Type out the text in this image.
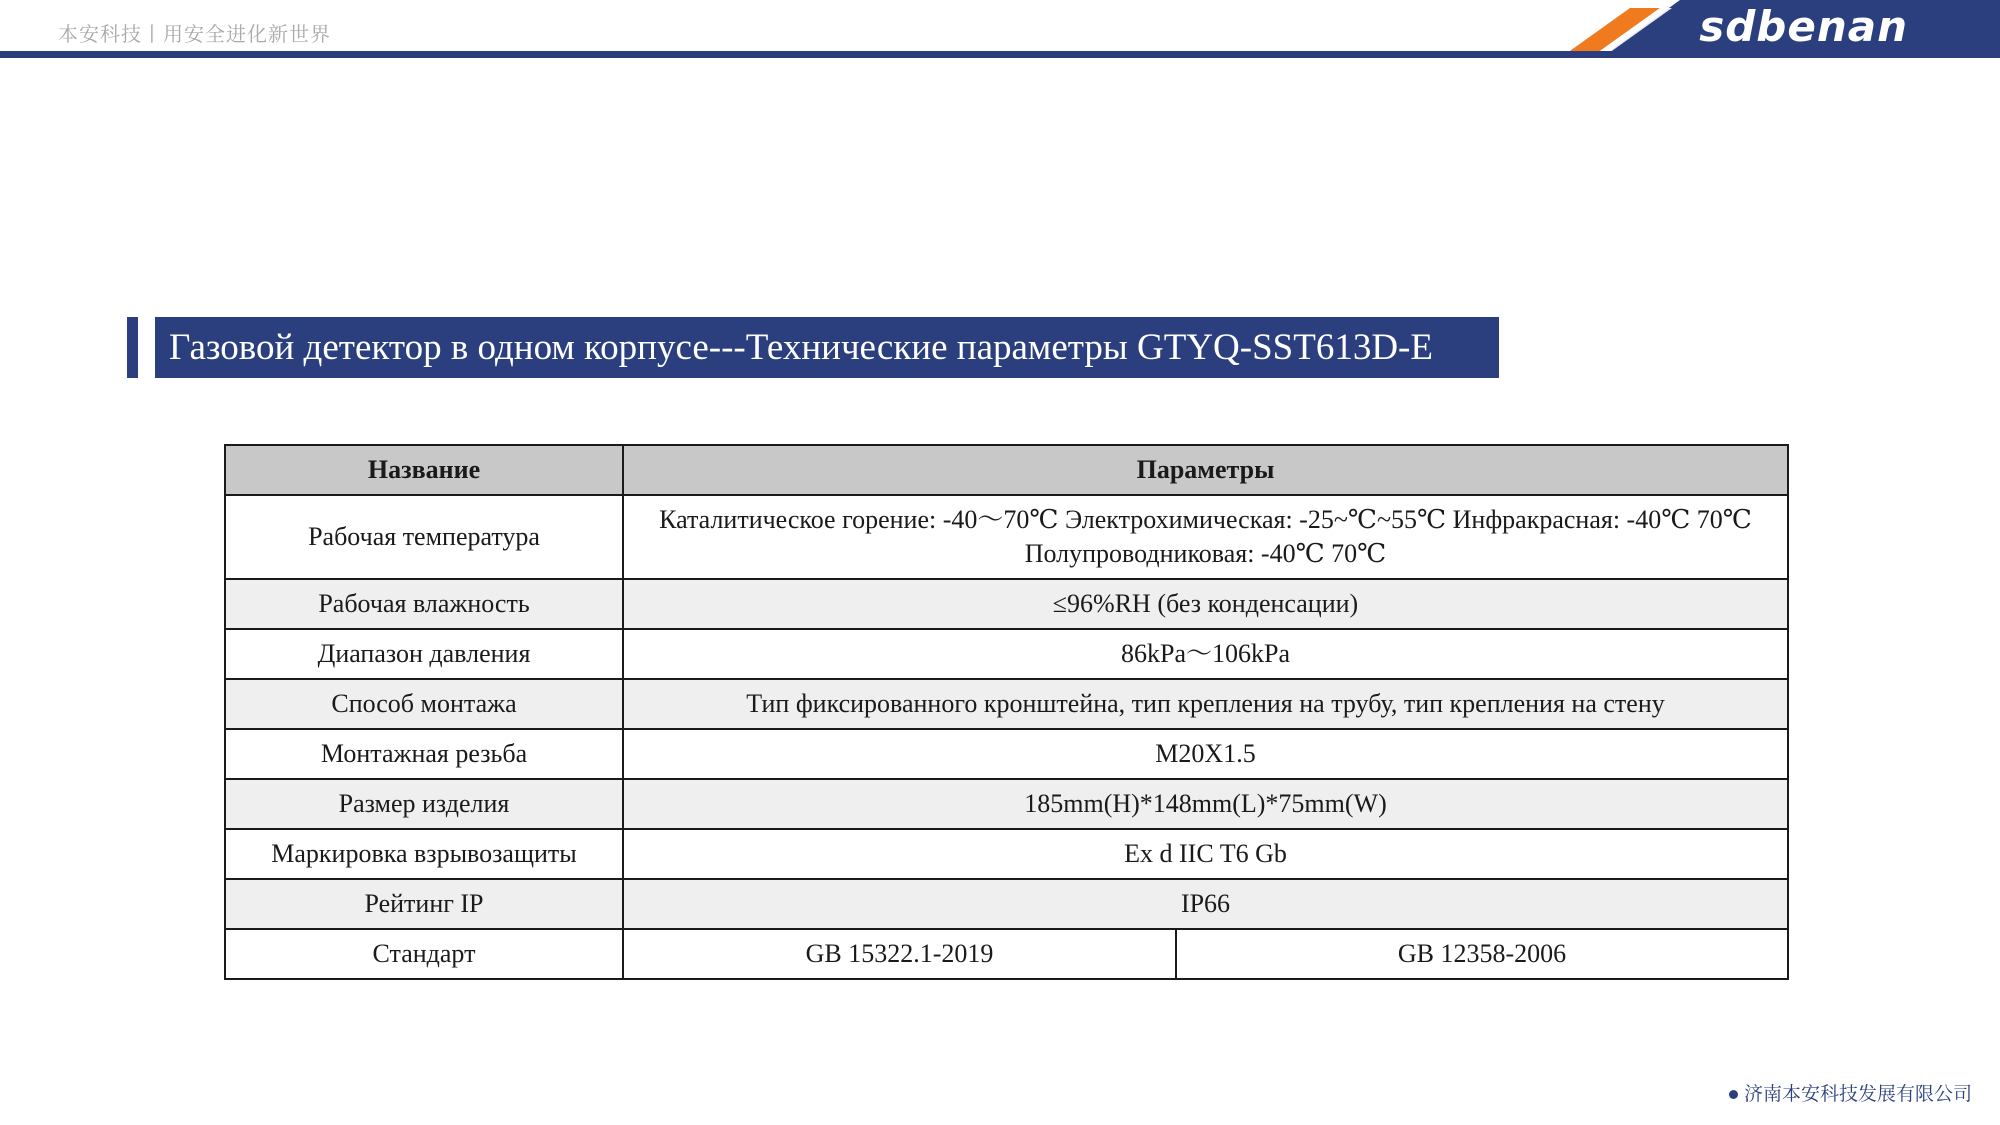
本安科技丨用安全进化新世界	sdbenan
Газовой детектор в одном корпусе---Технические параметры GTYQ-SST613D-E
Название	Параметры	
Рабочая температура	Каталитическое горение: -40〜70℃ Электрохимическая: -25~℃~55℃ Инфракрасная: -40℃ 70℃ Полупроводниковая: -40℃ 70℃	
Рабочая влажность	≤96%RH (без конденсации)	
Диапазон давления	86kPa〜106kPa	
Способ монтажа	Тип фиксированного кронштейна, тип крепления на трубу, тип крепления на стену	
Монтажная резьба	M20X1.5	
Размер изделия	185mm(H)*148mm(L)*75mm(W)	
Маркировка взрывозащиты	Ex d IIC T6 Gb	
Рейтинг IP	IP66	
Стандарт	GB 15322.1-2019	GB 12358-2006
济南本安科技发展有限公司
